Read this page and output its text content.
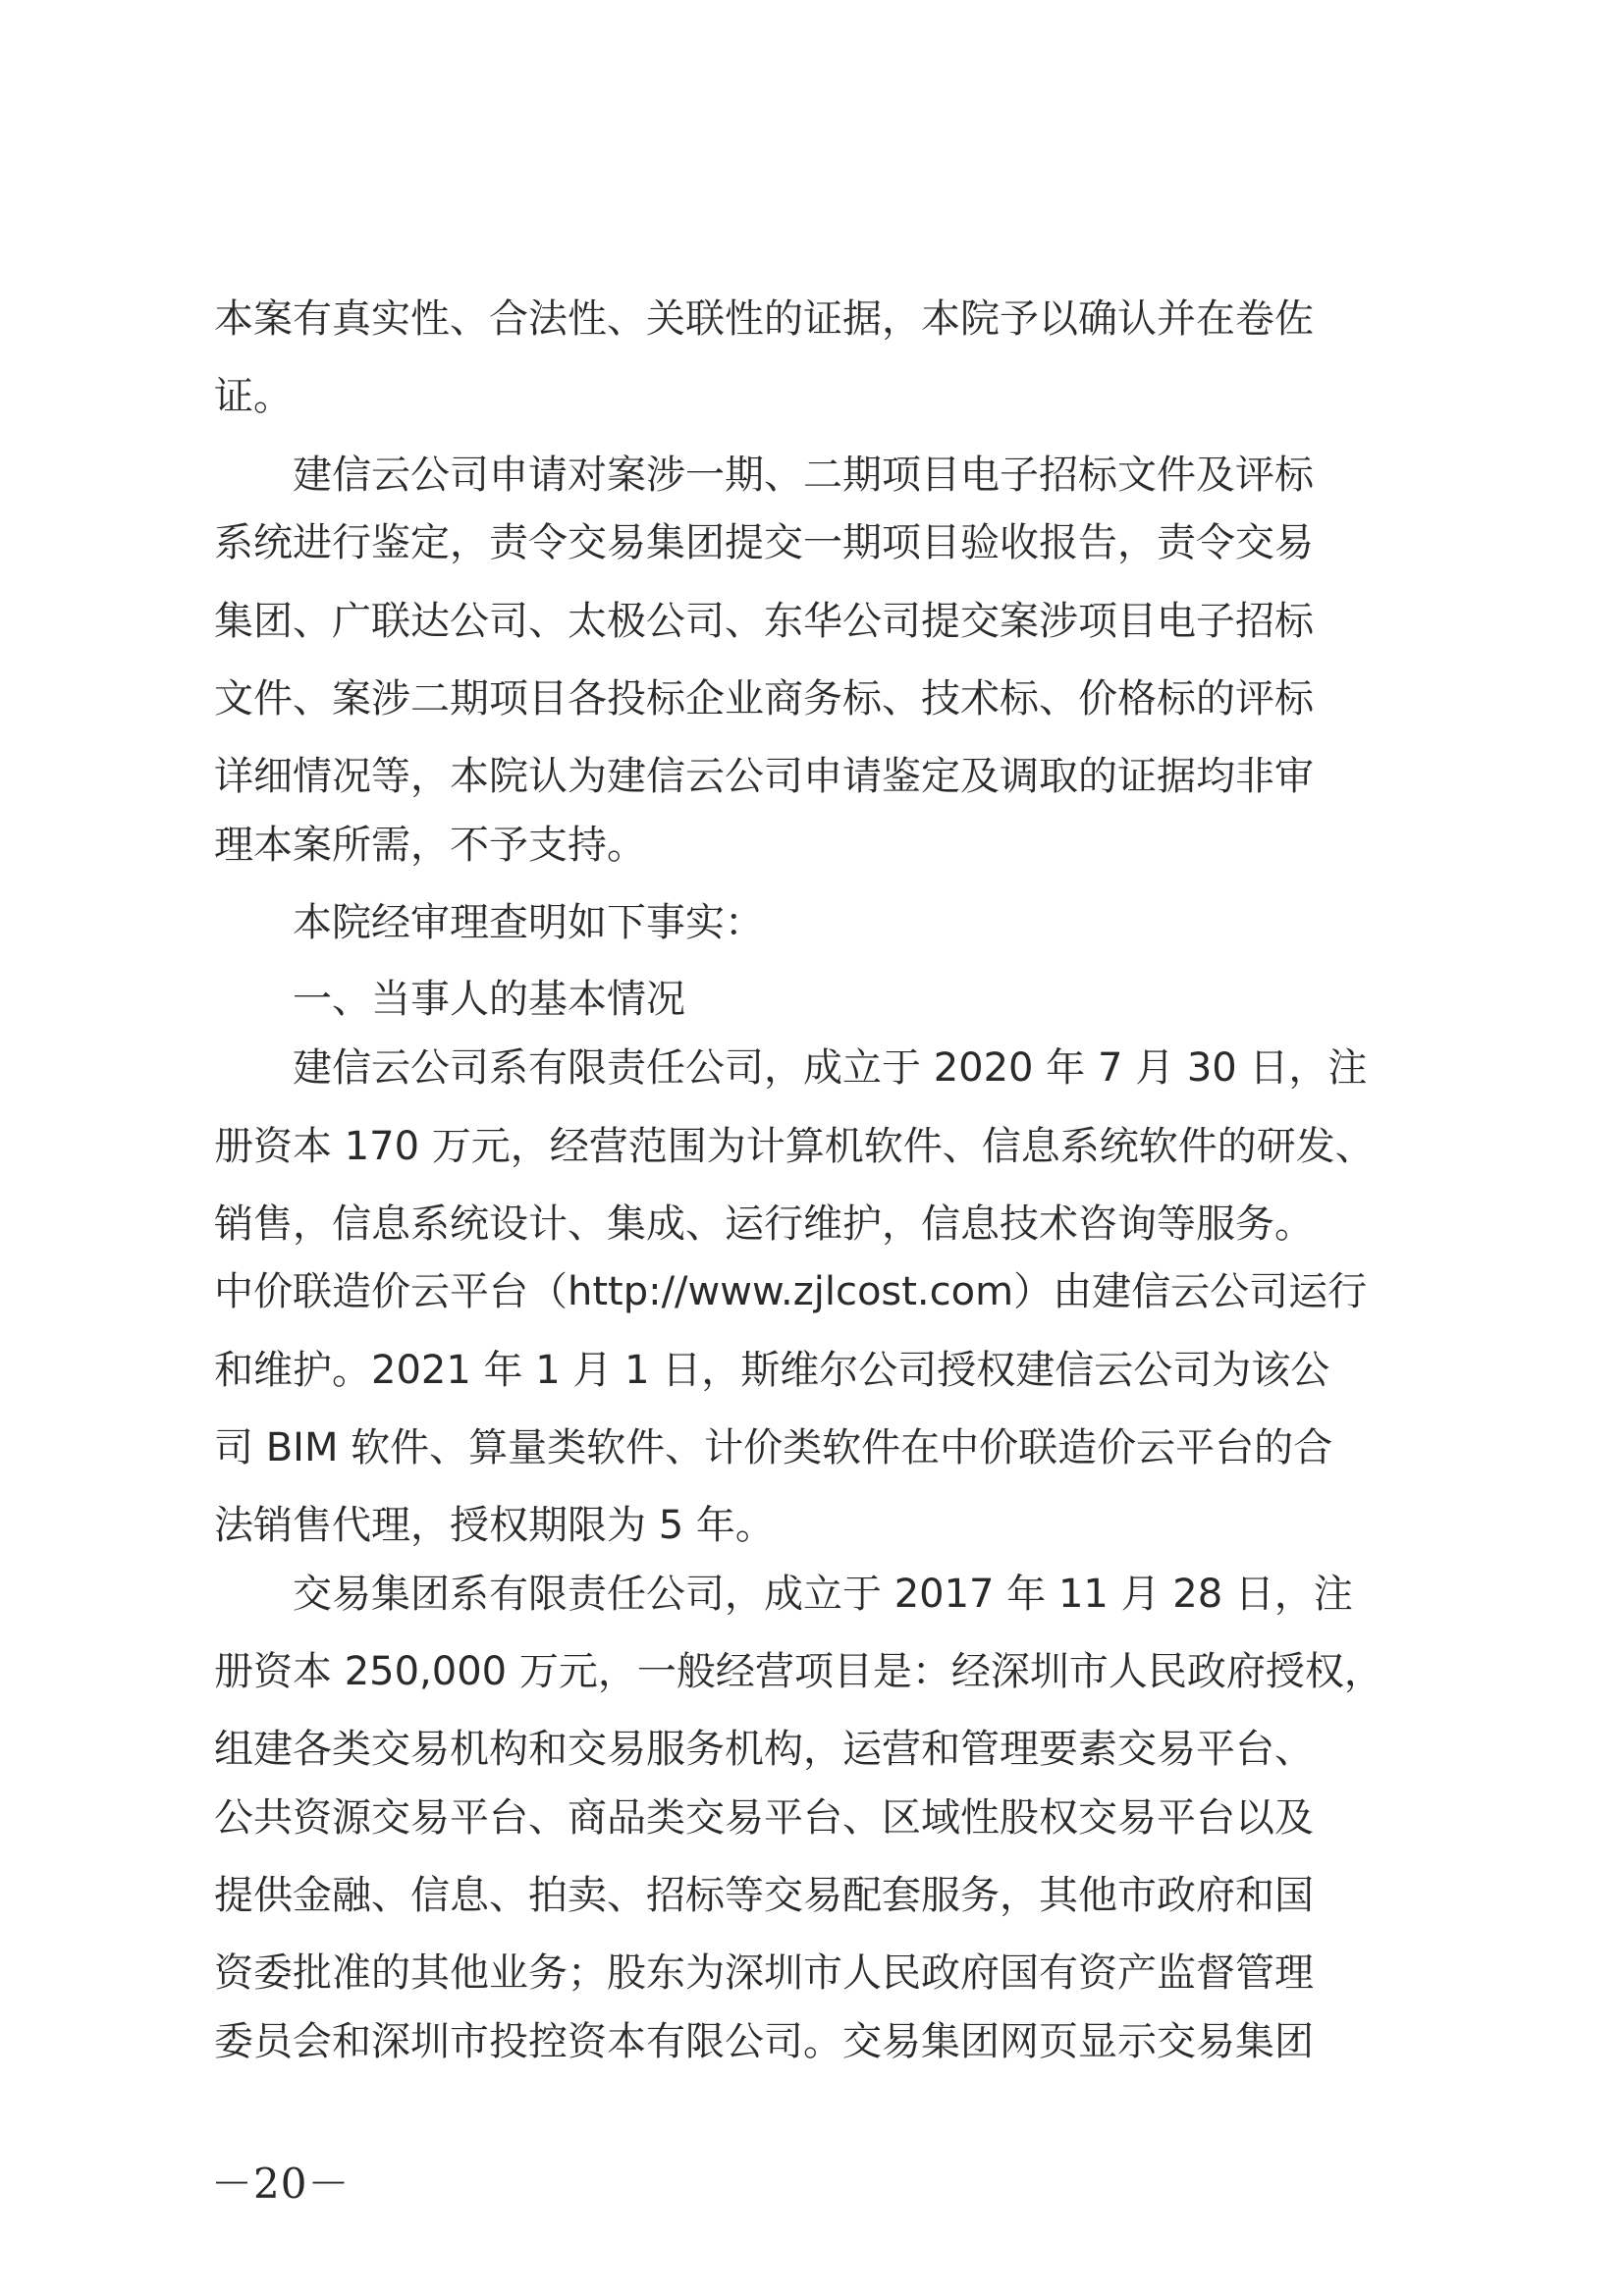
本案有真实性、合法性、关联性的证据，本院予以确认并在卷佐
证。
建信云公司申请对案涉一期、二期项目电子招标文件及评标
系统进行鉴定，责令交易集团提交一期项目验收报告，责令交易
集团、广联达公司、太极公司、东华公司提交案涉项目电子招标
文件、案涉二期项目各投标企业商务标、技术标、价格标的评标
详细情况等，本院认为建信云公司申请鉴定及调取的证据均非审
理本案所需，不予支持。
本院经审理查明如下事实：
一、当事人的基本情况
建信云公司系有限责任公司，成立于 2020 年 7 月 30 日，注
册资本 170 万元，经营范围为计算机软件、信息系统软件的研发、
销售，信息系统设计、集成、运行维护，信息技术咨询等服务。
中价联造价云平台（http://www.zjlcost.com）由建信云公司运行
和维护。2021 年 1 月 1 日，斯维尔公司授权建信云公司为该公
司 BIM 软件、算量类软件、计价类软件在中价联造价云平台的合
法销售代理，授权期限为 5 年。
交易集团系有限责任公司，成立于 2017 年 11 月 28 日，注
册资本 250,000 万元，一般经营项目是：经深圳市人民政府授权，
组建各类交易机构和交易服务机构，运营和管理要素交易平台、
公共资源交易平台、商品类交易平台、区域性股权交易平台以及
提供金融、信息、拍卖、招标等交易配套服务，其他市政府和国
资委批准的其他业务；股东为深圳市人民政府国有资产监督管理
委员会和深圳市投控资本有限公司。交易集团网页显示交易集团
－20－
